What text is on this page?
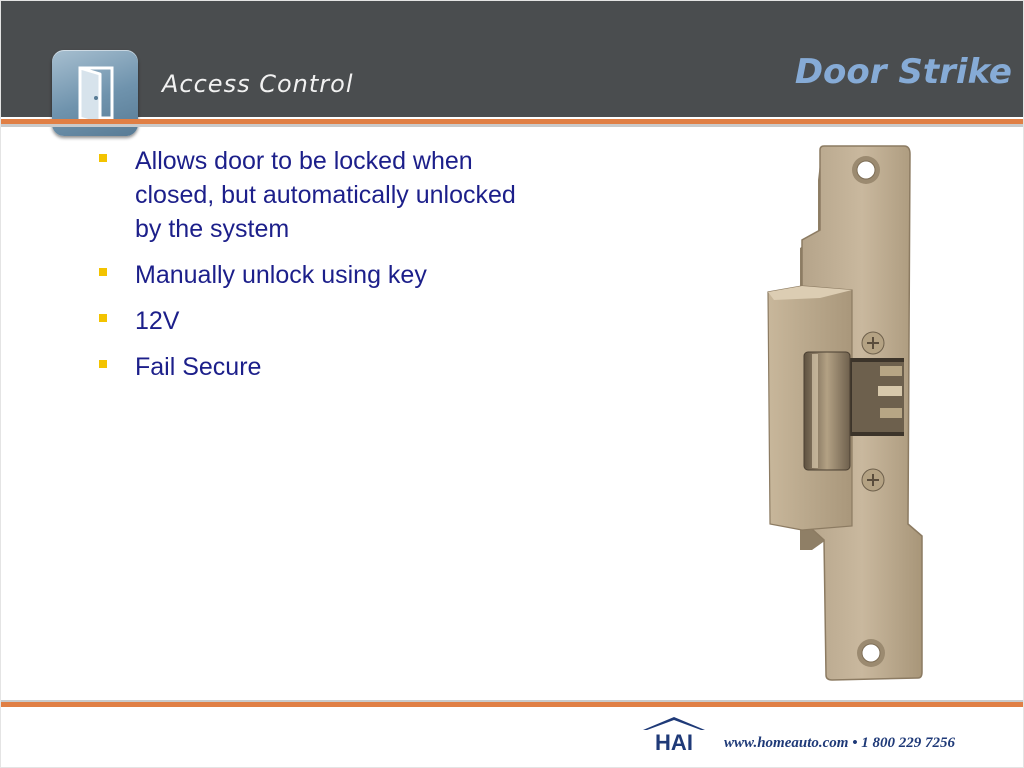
Access Control	Door Strike
Allows door to be locked when closed, but automatically unlocked by the system
Manually unlock using key
12V
Fail Secure
HAI www.homeauto.com • 1 800 229 7256
